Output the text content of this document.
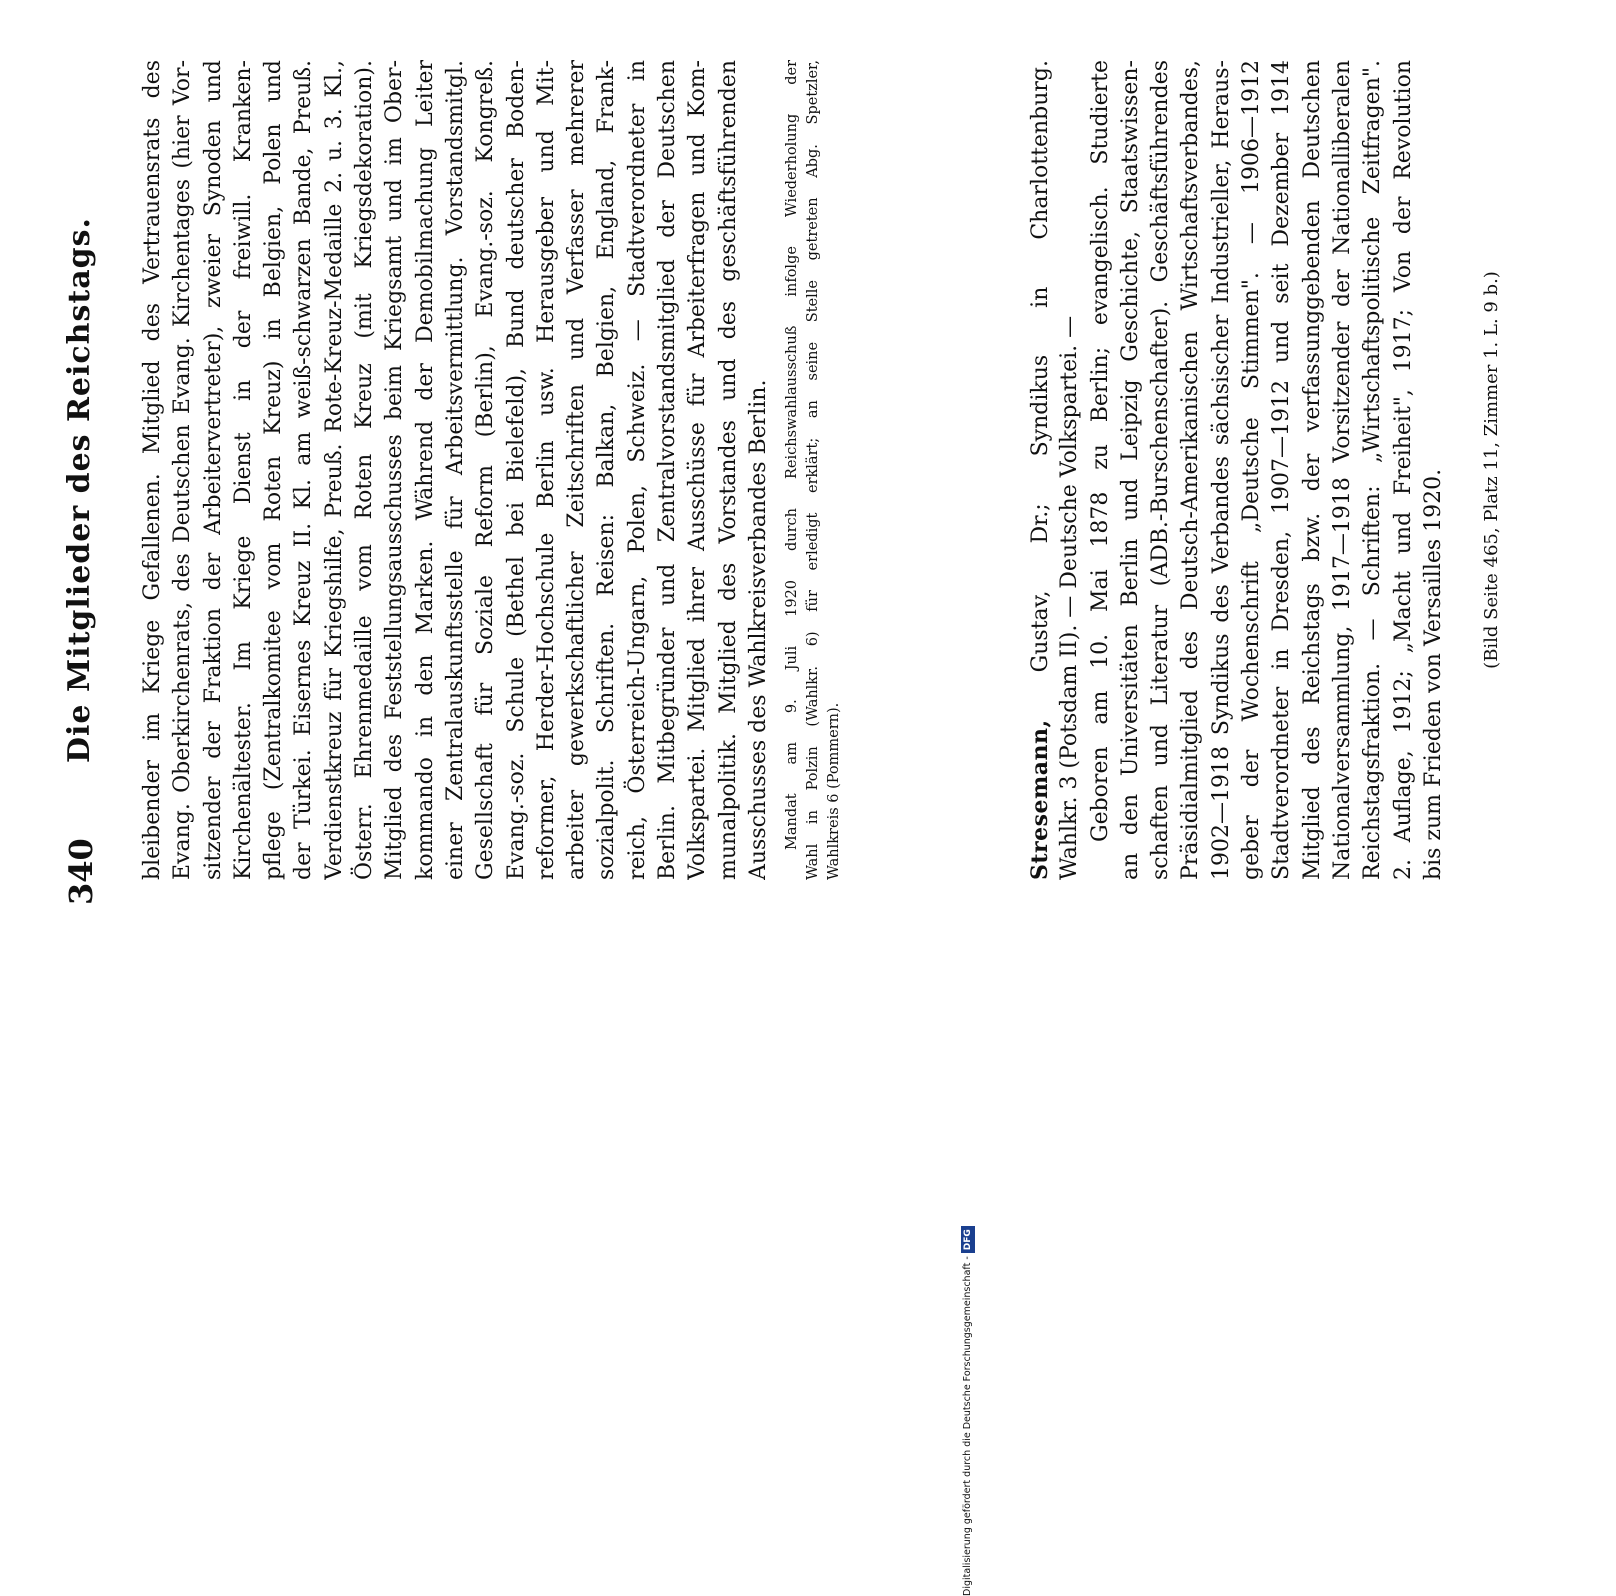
340
Die Mitglieder des Reichstags. bleibender im Kriege Gefallenen. Mitglied des Vertrauensrats des Evang. Oberkirchenrats, des Deutschen Evang. Kirchentages (hier Vor- sitzender der Fraktion der Arbeitervertreter), zweier Synoden und Kirchenältester. Im Kriege Dienst in der freiwill. Kranken- pflege (Zentralkomitee vom Roten Kreuz) in Belgien, Polen und der Türkei. Eisernes Kreuz II. Kl. am weiß-schwarzen Bande, Preuß. Verdienstkreuz für Kriegshilfe, Preuß. Rote-Kreuz-Medaille 2. u. 3. Kl., Österr. Ehrenmedaille vom Roten Kreuz (mit Kriegsdekoration). Mitglied des Feststellungsausschusses beim Kriegsamt und im Ober- kommando in den Marken. Während der Demobilmachung Leiter einer Zentralauskunftsstelle für Arbeitsvermittlung. Vorstandsmitgl. Gesellschaft für Soziale Reform (Berlin), Evang.-soz. Kongreß. Evang.-soz. Schule (Bethel bei Bielefeld), Bund deutscher Boden- reformer, Herder-Hochschule Berlin usw. Herausgeber und Mit- arbeiter gewerkschaftlicher Zeitschriften und Verfasser mehrerer sozialpolit. Schriften. Reisen: Balkan, Belgien, England, Frank- reich, Österreich-Ungarn, Polen, Schweiz. — Stadtverordneter in Berlin. Mitbegründer und Zentralvorstandsmitglied der Deutschen Volkspartei. Mitglied ihrer Ausschüsse für Arbeiterfragen und Kom- munalpolitik. Mitglied des Vorstandes und des geschäftsführenden Ausschusses des Wahlkreisverbandes Berlin. Mandat am 9. Juli 1920 durch Reichswahlausschuß infolge Wiederholung der Wahl in Polzin (Wahlkr. 6) für erledigt erklärt; an seine Stelle getreten Abg. Spetzler, Wahlkreis 6 (Pommern).	Stresemann, Gustav, Dr.; Syndikus in Charlottenburg. Wahlkr. 3 (Potsdam II). — Deutsche Volkspartei. — Geboren am 10. Mai 1878 zu Berlin; evangelisch. Studierte an den Universitäten Berlin und Leipzig Geschichte, Staatswissen- schaften und Literatur (ADB.-Burschenschafter). Geschäftsführendes Präsidialmitglied des Deutsch-Amerikanischen Wirtschaftsverbandes, 1902—1918 Syndikus des Verbandes sächsischer Industrieller, Heraus- geber der Wochenschrift „Deutsche Stimmen". — 1906—1912 Stadtverordneter in Dresden, 1907—1912 und seit Dezember 1914 Mitglied des Reichstags bzw. der verfassunggebenden Deutschen Nationalversammlung, 1917—1918 Vorsitzender der Nationalliberalen Reichstagsfraktion. — Schriften: „Wirtschaftspolitische Zeitfragen". 2. Auflage, 1912; „Macht und Freiheit", 1917; Von der Revolution bis zum Frieden von Versailles 1920. (Bild Seite 465, Platz 11, Zimmer 1. L. 9 b.)
Digitalisierung gefördert durch die Deutsche Forschungsgemeinschaft -
DFG
